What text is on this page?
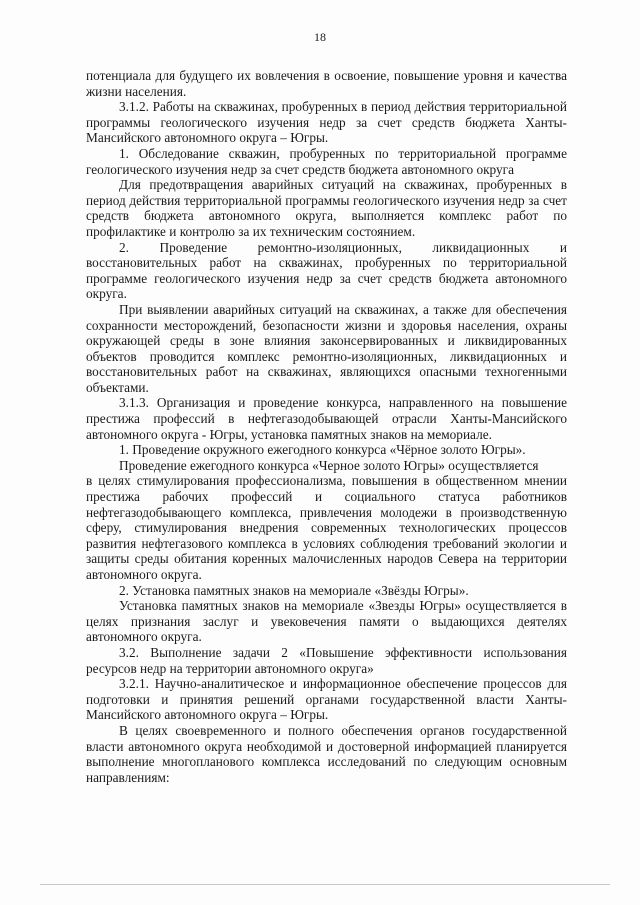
18

потенциала для будущего их вовлечения в освоение, повышение уровня и качества жизни населения.

3.1.2. Работы на скважинах, пробуренных в период действия территориальной программы геологического изучения недр за счет средств бюджета Ханты-Мансийского автономного округа – Югры.

1. Обследование скважин, пробуренных по территориальной программе геологического изучения недр за счет средств бюджета автономного округа

Для предотвращения аварийных ситуаций на скважинах, пробуренных в период действия территориальной программы геологического изучения недр за счет средств бюджета автономного округа, выполняется комплекс работ по профилактике и контролю за их техническим состоянием.

2. Проведение ремонтно-изоляционных, ликвидационных и восстановительных работ на скважинах, пробуренных по территориальной программе геологического изучения недр за счет средств бюджета автономного округа.

При выявлении аварийных ситуаций на скважинах, а также для обеспечения сохранности месторождений, безопасности жизни и здоровья населения, охраны окружающей среды в зоне влияния законсервированных и ликвидированных объектов проводится комплекс ремонтно-изоляционных, ликвидационных и восстановительных работ на скважинах, являющихся опасными техногенными объектами.

3.1.3. Организация и проведение конкурса, направленного на повышение престижа профессий в нефтегазодобывающей отрасли Ханты-Мансийского автономного округа - Югры, установка памятных знаков на мемориале.

1. Проведение окружного ежегодного конкурса «Чёрное золото Югры».

Проведение ежегодного конкурса «Черное золото Югры» осуществляется

в целях стимулирования профессионализма, повышения в общественном мнении престижа рабочих профессий и социального статуса работников нефтегазодобывающего комплекса, привлечения молодежи в производственную сферу, стимулирования внедрения современных технологических процессов развития нефтегазового комплекса в условиях соблюдения требований экологии и защиты среды обитания коренных малочисленных народов Севера на территории автономного округа.

2. Установка памятных знаков на мемориале «Звёзды Югры».

Установка памятных знаков на мемориале «Звезды Югры» осуществляется в целях признания заслуг и увековечения памяти о выдающихся деятелях автономного округа.

3.2. Выполнение задачи 2 «Повышение эффективности использования ресурсов недр на территории автономного округа»

3.2.1. Научно-аналитическое и информационное обеспечение процессов для подготовки и принятия решений органами государственной власти Ханты-Мансийского автономного округа – Югры.

В целях своевременного и полного обеспечения органов государственной власти автономного округа необходимой и достоверной информацией планируется выполнение многопланового комплекса исследований по следующим основным направлениям:
